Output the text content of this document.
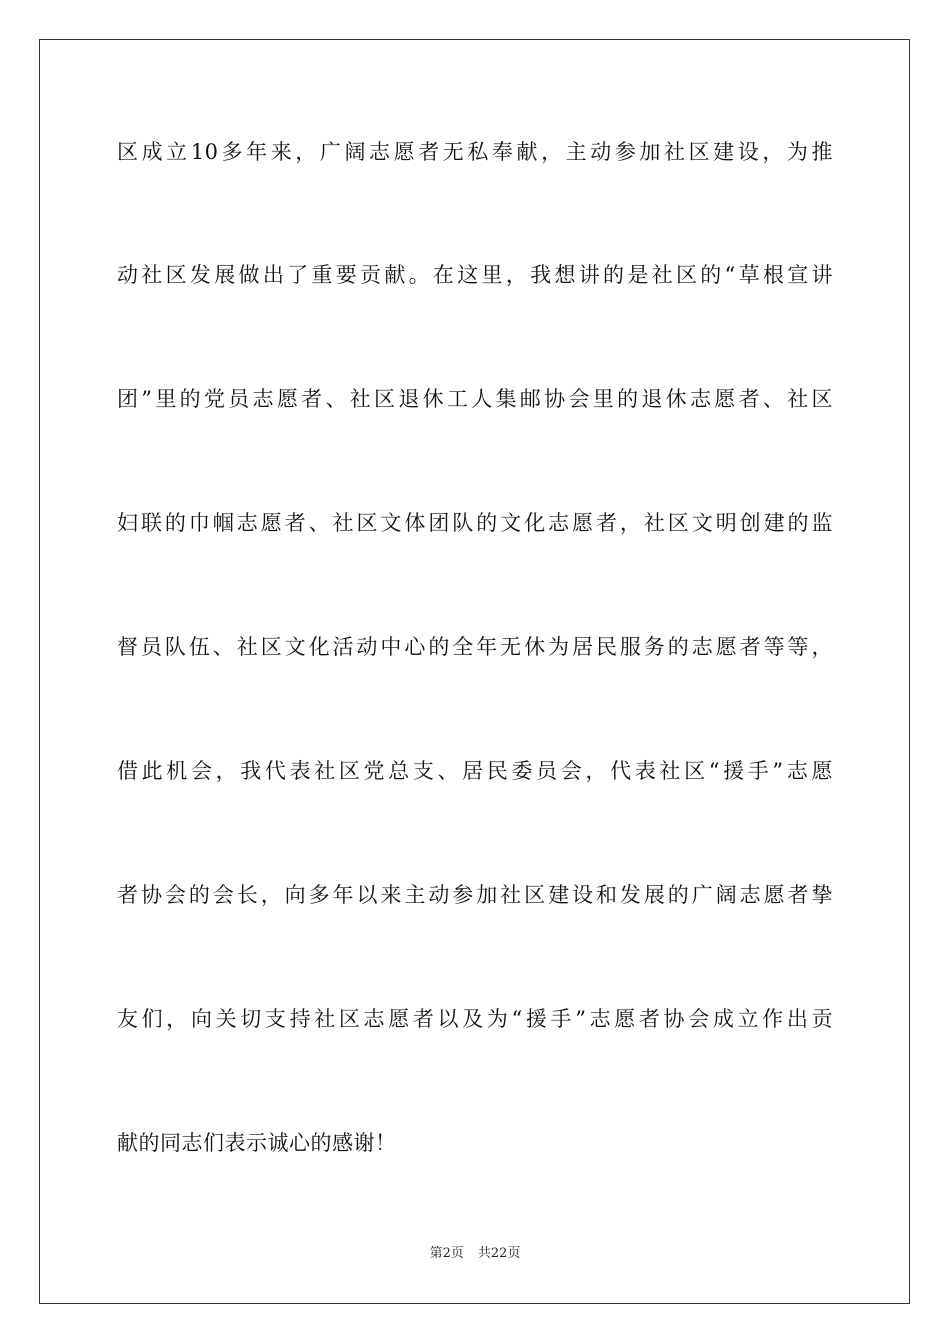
区成立10多年来，广阔志愿者无私奉献，主动参加社区建设，为推
动社区发展做出了重要贡献。在这里，我想讲的是社区的“草根宣讲
团”里的党员志愿者、社区退休工人集邮协会里的退休志愿者、社区
妇联的巾帼志愿者、社区文体团队的文化志愿者，社区文明创建的监
督员队伍、社区文化活动中心的全年无休为居民服务的志愿者等等，
借此机会，我代表社区党总支、居民委员会，代表社区“援手”志愿
者协会的会长，向多年以来主动参加社区建设和发展的广阔志愿者挚
友们，向关切支持社区志愿者以及为“援手”志愿者协会成立作出贡
献的同志们表示诚心的感谢！
第2页 共22页
